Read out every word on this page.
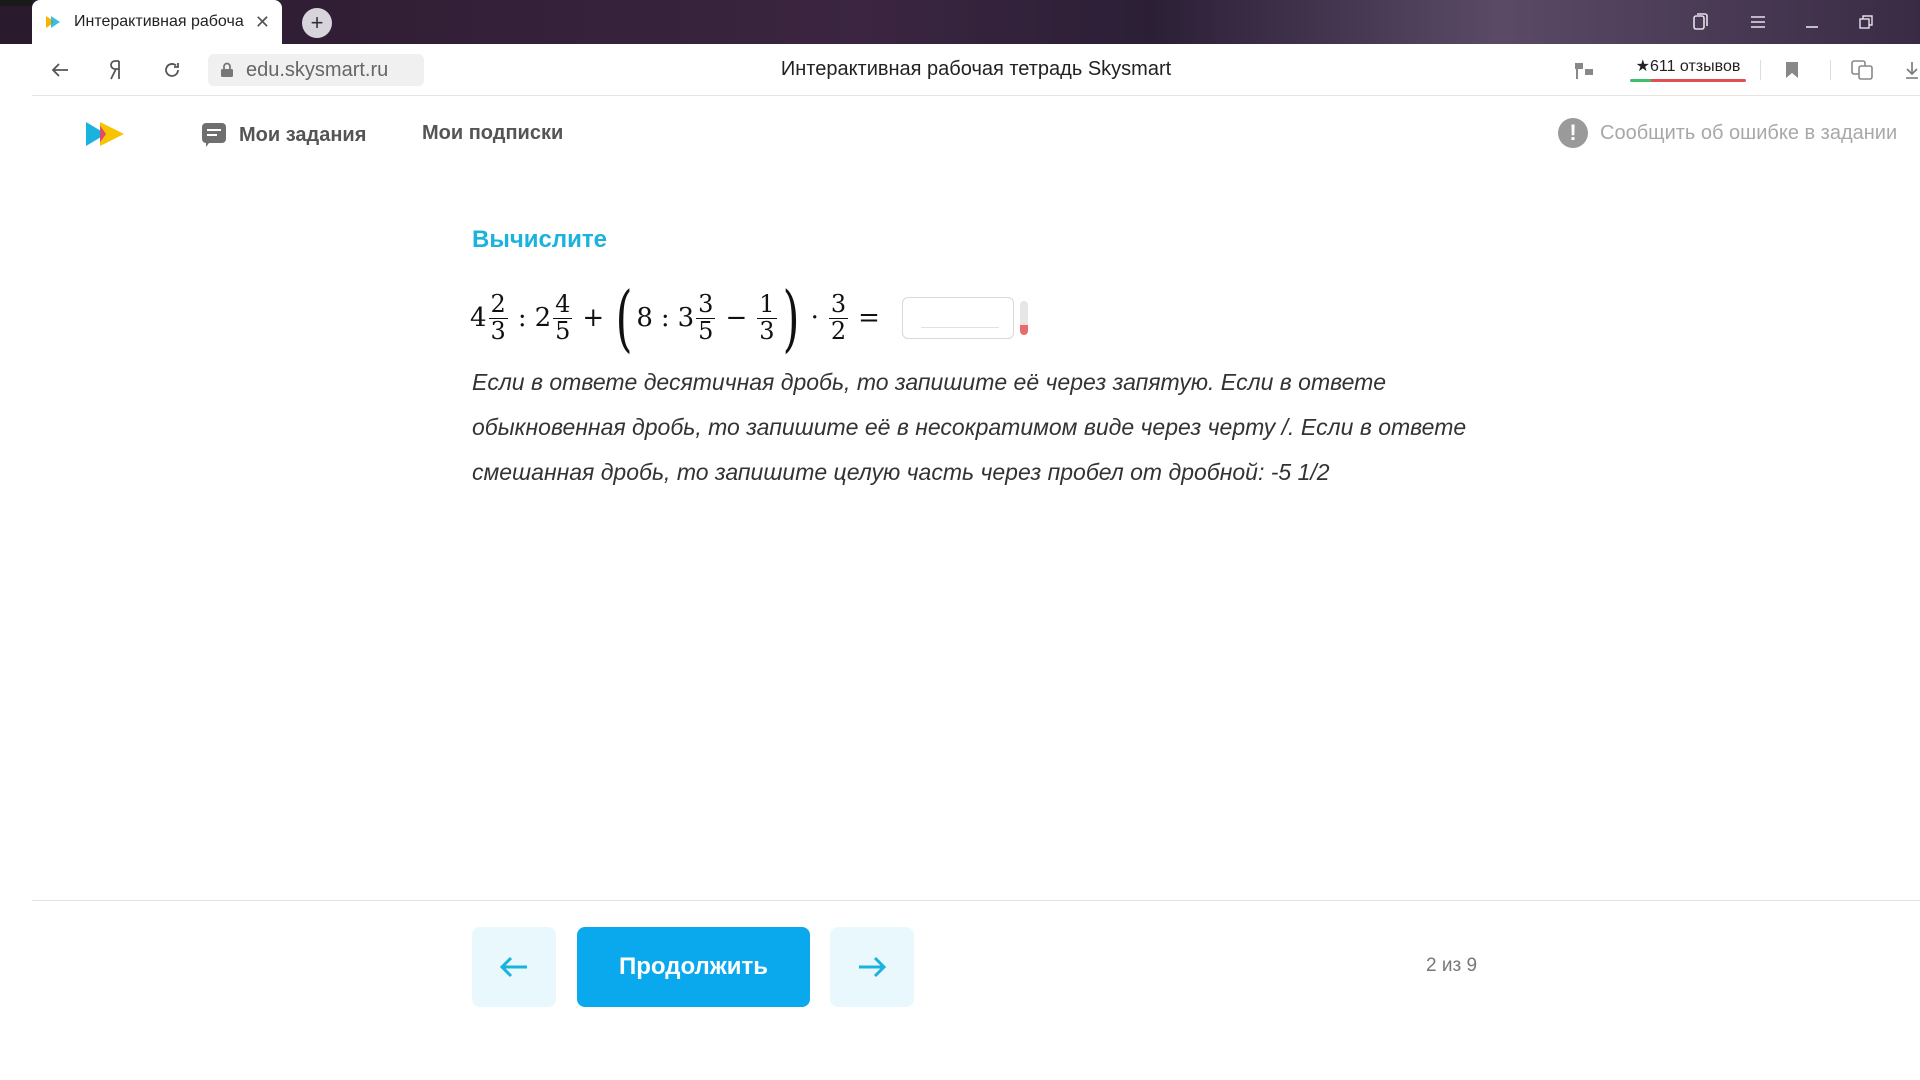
Интерактивная рабоча ✕	+
edu.skysmart.ru	Интерактивная рабочая тетрадь Skysmart	★611 отзывов
Мои задания	Мои подписки	!	Сообщить об ошибке в задании
Вычислите
$4 \frac{2}{3}$ : $2 \frac{4}{5}$ + ( 8 : $3 \frac{3}{5} - \frac{1}{3}$ ) · $\frac{3}{2}$ =
Если в ответе десятичная дробь, то запишите её через запятую. Если в ответе обыкновенная дробь, то запишите её в несократимом виде через черту /. Если в ответе смешанная дробь, то запишите целую часть через пробел от дробной: -5 1/2
Продолжить	2 из 9
